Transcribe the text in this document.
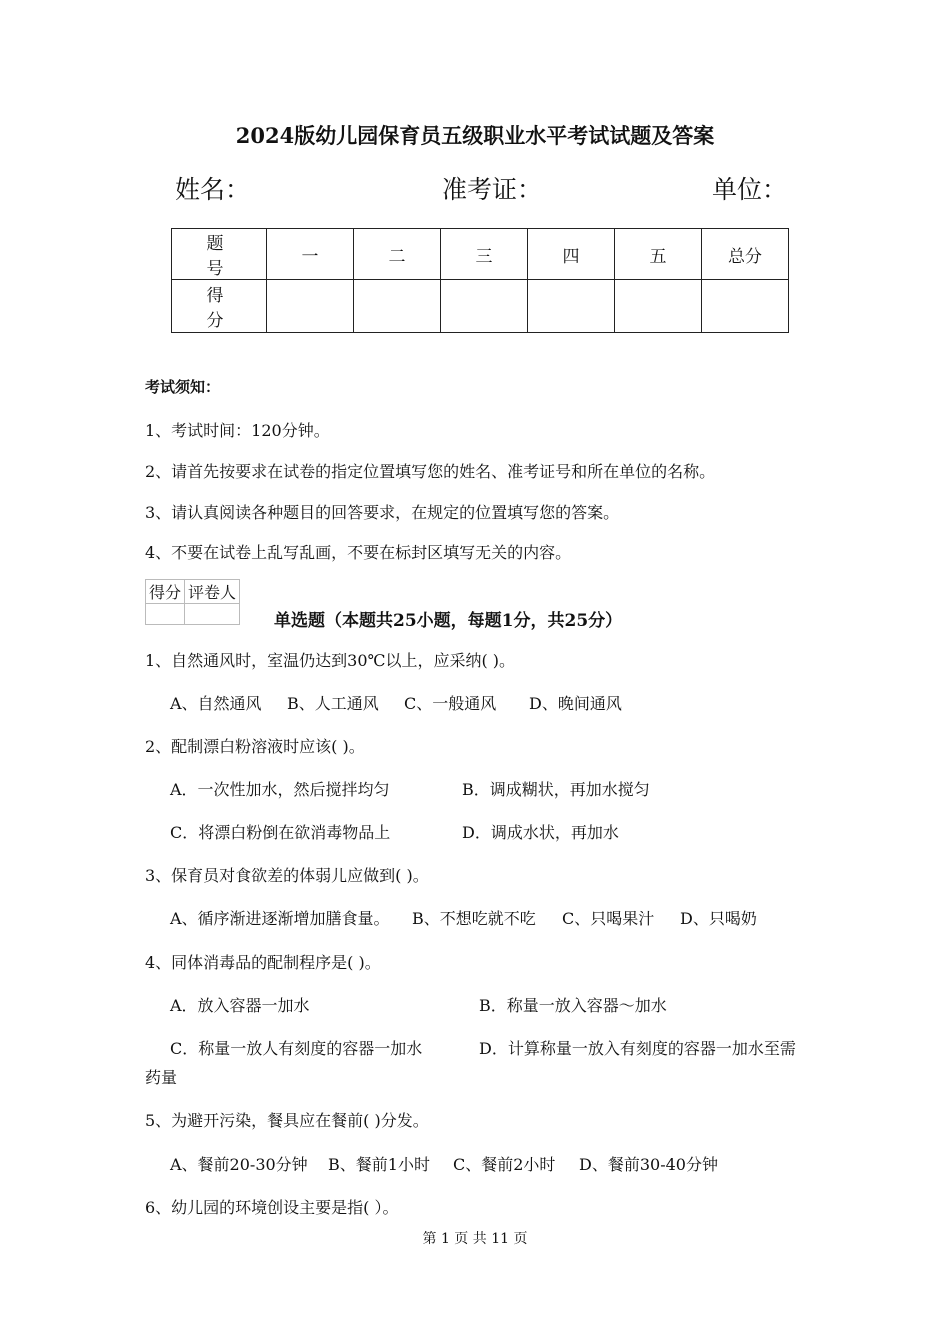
2024版幼儿园保育员五级职业水平考试试题及答案
姓名：	准考证：	单位：
题　号	一	二	三	四	五	总分
得　分						
考试须知：
1、考试时间：120分钟。
2、请首先按要求在试卷的指定位置填写您的姓名、准考证号和所在单位的名称。
3、请认真阅读各种题目的回答要求，在规定的位置填写您的答案。
4、不要在试卷上乱写乱画，不要在标封区填写无关的内容。
得分	评卷人

单选题（本题共25小题，每题1分，共25分）
1、自然通风时，室温仍达到30℃以上，应采纳( )。
A、自然通风 B、人工通风 C、一般通风 D、晚间通风
2、配制漂白粉溶液时应该( )。
A．一次性加水，然后搅拌均匀	B．调成糊状，再加水搅匀
C．将漂白粉倒在欲消毒物品上	D．调成水状，再加水
3、保育员对食欲差的体弱儿应做到( )。
A、循序渐进逐渐增加膳食量。 B、不想吃就不吃 C、只喝果汁 D、只喝奶
4、同体消毒品的配制程序是( )。
A．放入容器一加水	B．称量一放入容器～加水
C．称量一放人有刻度的容器一加水	D．计算称量一放入有刻度的容器一加水至需
药量
5、为避开污染，餐具应在餐前( )分发。
A、餐前20-30分钟 B、餐前1小时 C、餐前2小时 D、餐前30-40分钟
6、幼儿园的环境创设主要是指( ）。
第 1 页 共 11 页
